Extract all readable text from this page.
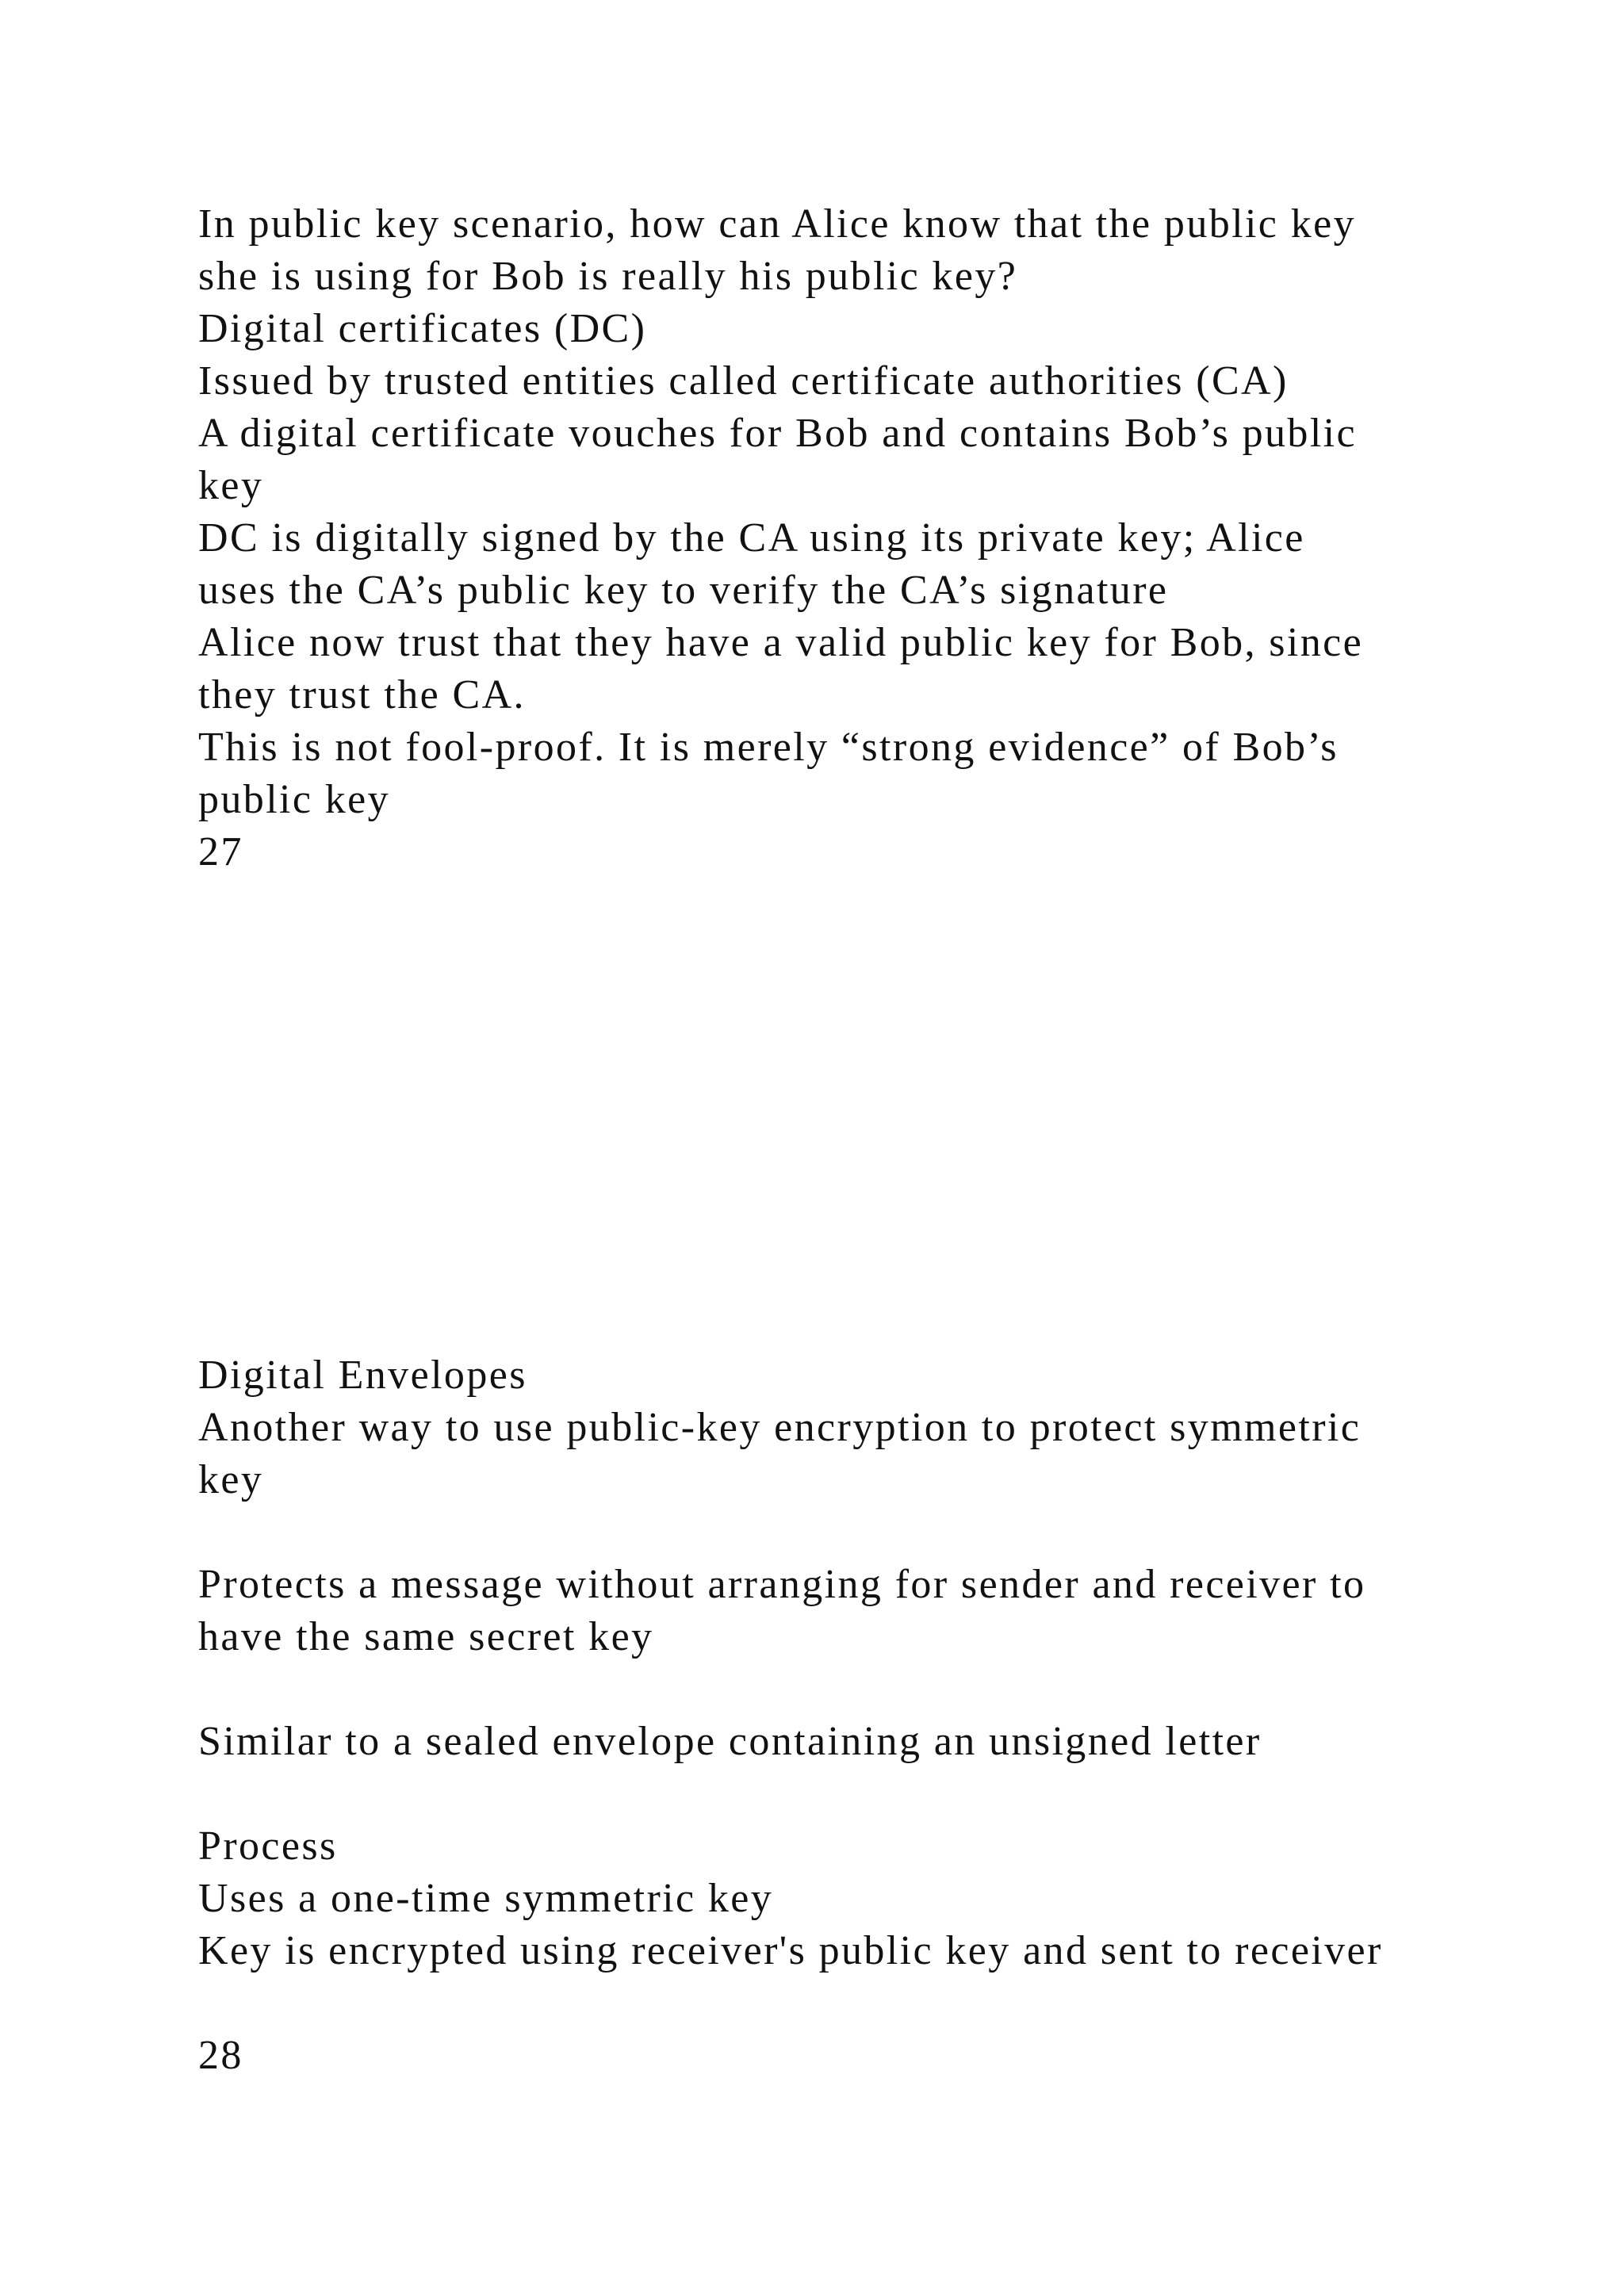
In public key scenario, how can Alice know that the public key
she is using for Bob is really his public key?
Digital certificates (DC)
Issued by trusted entities called certificate authorities (CA)
A digital certificate vouches for Bob and contains Bob’s public
key
DC is digitally signed by the CA using its private key; Alice
uses the CA’s public key to verify the CA’s signature
Alice now trust that they have a valid public key for Bob, since
they trust the CA.
This is not fool-proof. It is merely “strong evidence” of Bob’s
public key
27
Digital Envelopes
Another way to use public-key encryption to protect symmetric
key
Protects a message without arranging for sender and receiver to
have the same secret key
Similar to a sealed envelope containing an unsigned letter
Process
Uses a one-time symmetric key
Key is encrypted using receiver's public key and sent to receiver
28
